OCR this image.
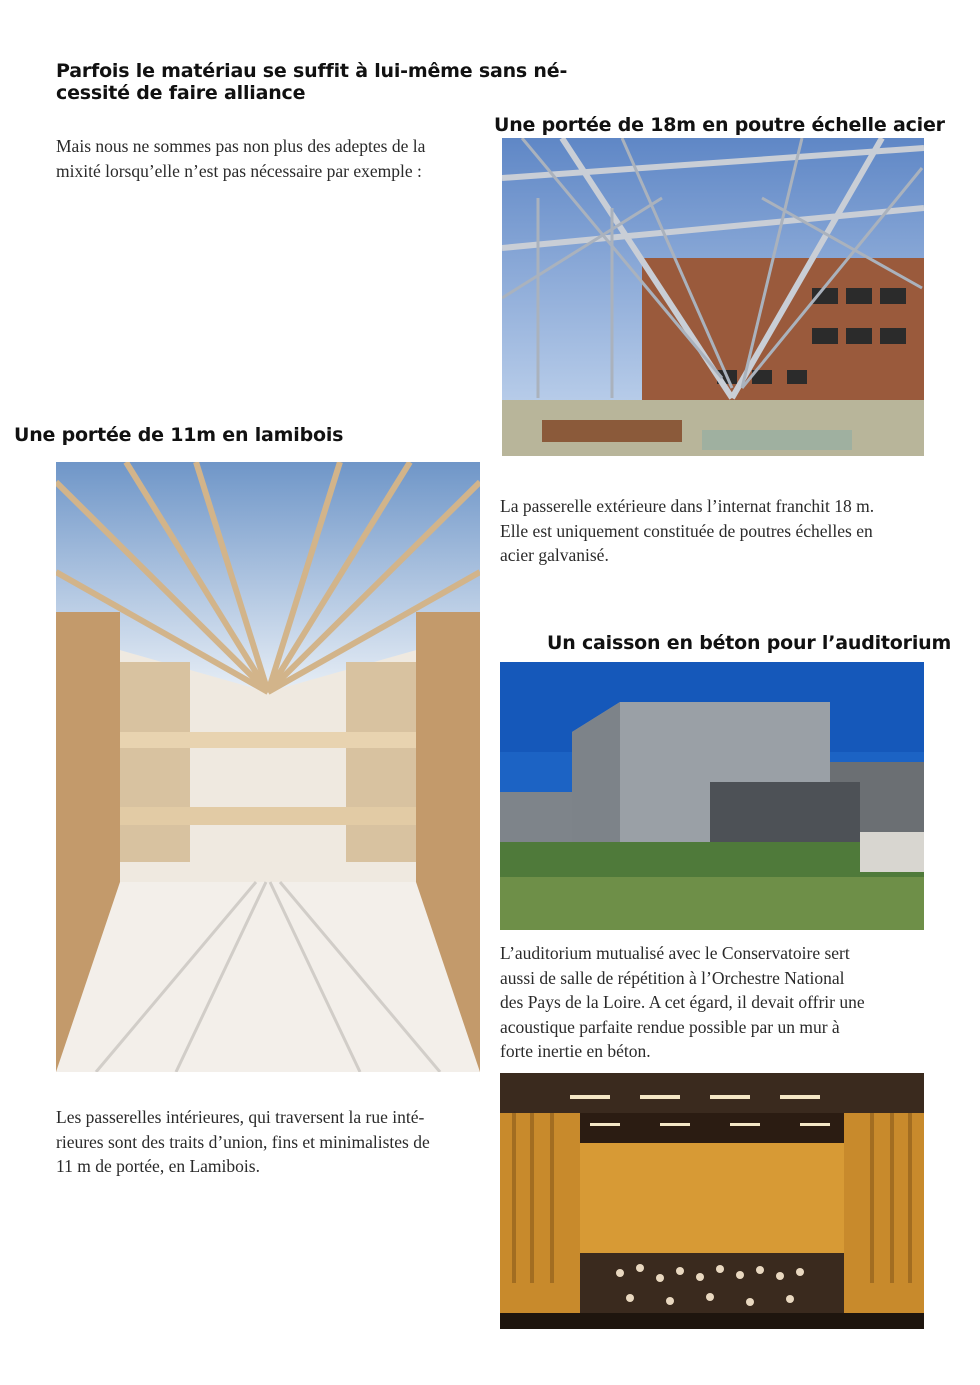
Parfois le matériau se suffit à lui-même sans né-

cessité de faire alliance

Mais nous ne sommes pas non plus des adeptes de la

mixité lorsqu’elle n’est pas nécessaire par exemple :

Une portée de 18m en poutre échelle acier

La passerelle extérieure dans l’internat franchit 18 m.

Elle est uniquement constituée de poutres échelles en

acier galvanisé.

Une portée de 11m en lamibois

Un caisson en béton pour l’auditorium

L’auditorium mutualisé avec le Conservatoire sert

aussi de salle de répétition à l’Orchestre National

des Pays de la Loire. A cet égard, il devait offrir une

acoustique parfaite rendue possible par un mur à

forte inertie en béton.

Les passerelles intérieures, qui traversent la rue inté-

rieures sont des traits d’union, fins et minimalistes de

11 m de portée, en Lamibois.
